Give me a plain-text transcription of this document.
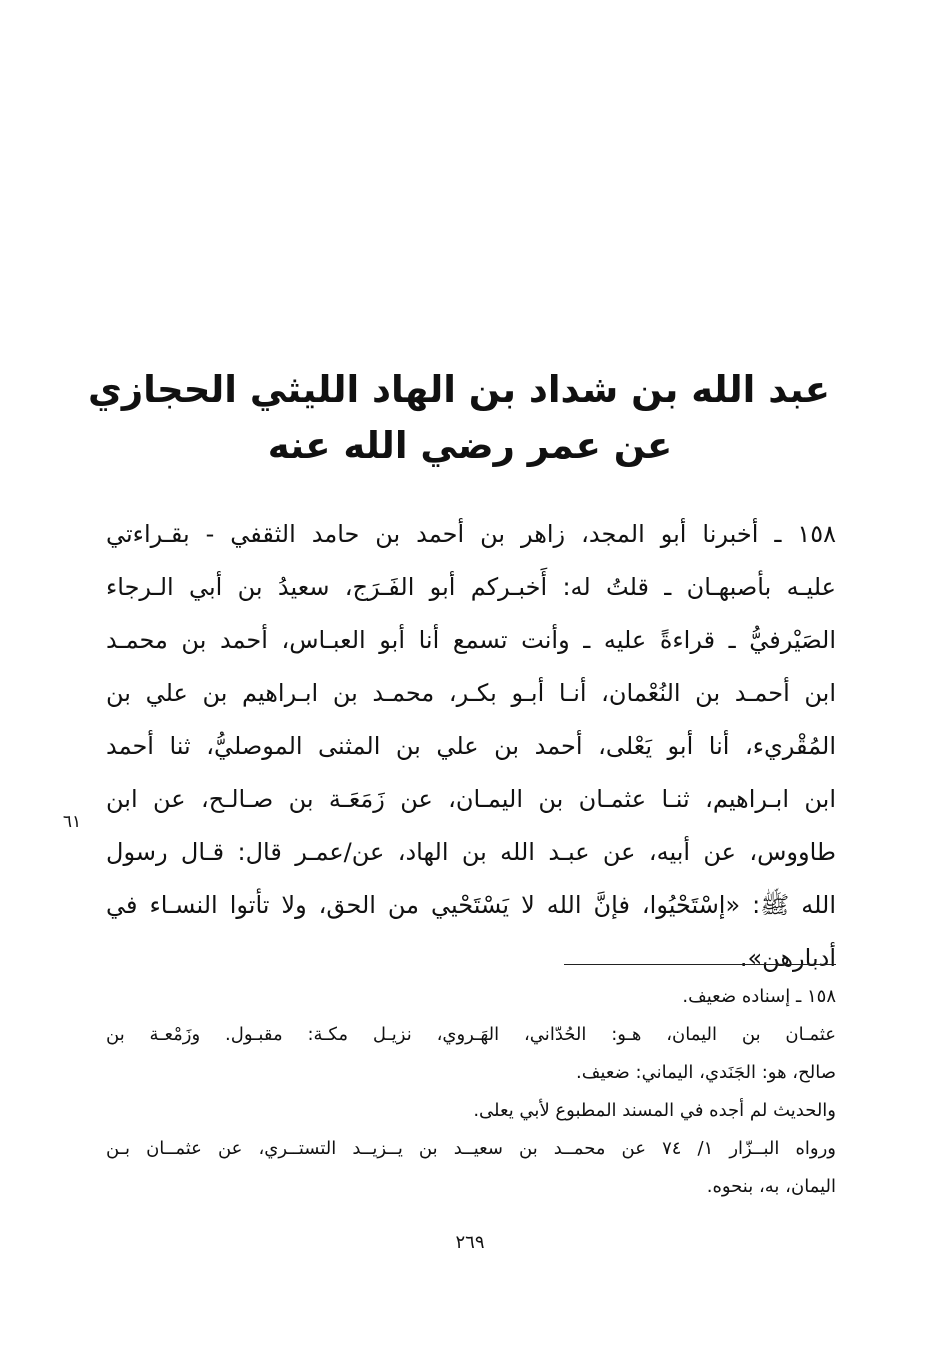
عبد الله بن شداد بن الهاد الليثي الحجازي
عن عمر رضي الله عنه
١٥٨ ـ أخبرنا أبو المجد، زاهر بن أحمد بن حامد الثقفي - بقـراءتي
عليـه بأصبهـان ـ قلتُ له: أَخبـركم أبو الفَـرَج، سعيدُ بن أبي الـرجاء
الصَيْرفيُّ ـ قراءةً عليه ـ وأنت تسمع أنا أبو العبـاس، أحمد بن محمـد
ابن أحمـد بن النُعْمان، أنـا أبـو بكـر، محمـد بن ابـراهيم بن علي بن
المُقْريء، أنا أبو يَعْلى، أحمد بن علي بن المثنى الموصليُّ، ثنا أحمد
ابن ابـراهيم، ثنـا عثمـان بن اليمـان، عن زَمَعَـة بن صـالـح، عن ابن
طاووس، عن أبيه، عن عبـد الله بن الهاد، عن/عمـر قال: قـال رسول
الله ﷺ: «إسْتَحْيُوا، فإنَّ الله لا يَسْتَحْيي من الحق، ولا تأتوا النسـاء في
أدبارهن».
٦١
١٥٨ ـ إسناده ضعيف.
عثمـان بن اليمان، هـو: الحُدّاني، الهَـروي، نزيـل مكـة: مقبـول. وزَمْعـة بن
صالح، هو: الجَنَدي، اليماني: ضعيف.
والحديث لم أجده في المسند المطبوع لأبي يعلى.
ورواه البــزّار ١/ ٧٤ عن محمــد بن سعيــد بن يــزيــد التستــري، عن عثمــان بـن
اليمان، به، بنحوه.
٢٦٩
